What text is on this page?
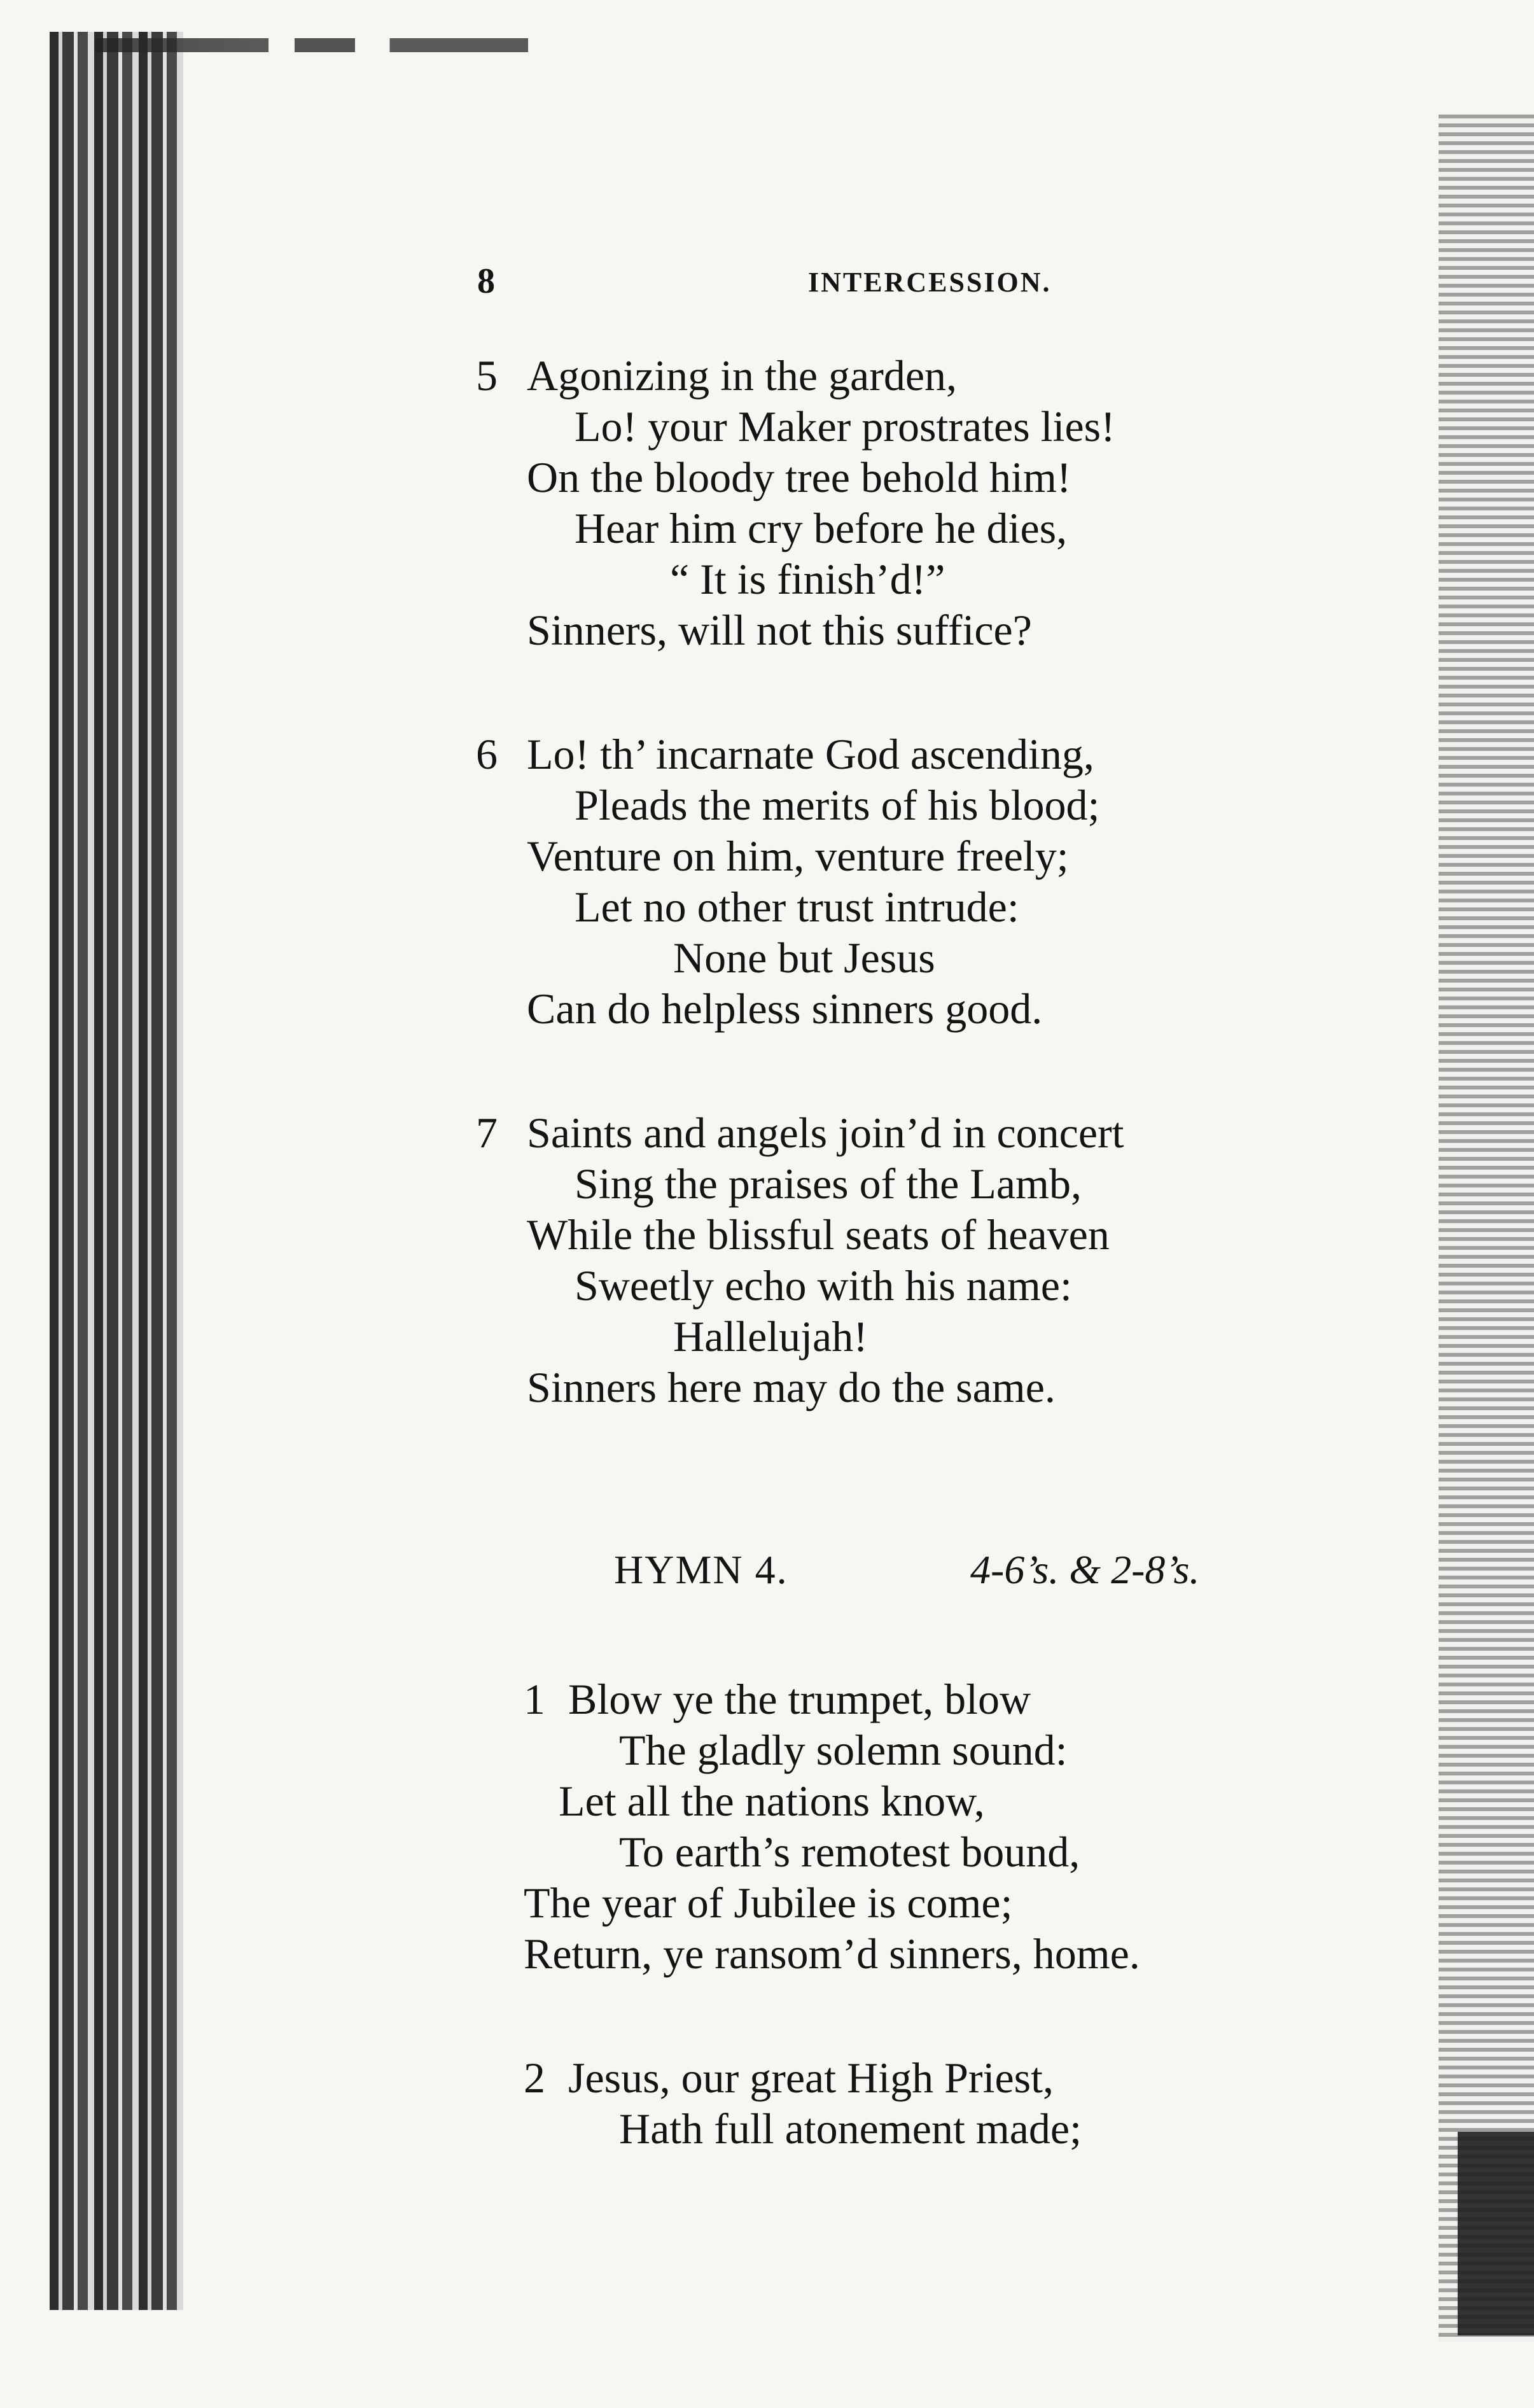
8	INTERCESSION.
5 Agonizing in the garden,
Lo! your Maker prostrates lies!
On the bloody tree behold him!
Hear him cry before he dies,
“ It is finish’d!”
Sinners, will not this suffice?
6 Lo! th’ incarnate God ascending,
Pleads the merits of his blood;
Venture on him, venture freely;
Let no other trust intrude:
None but Jesus
Can do helpless sinners good.
7 Saints and angels join’d in concert
Sing the praises of the Lamb,
While the blissful seats of heaven
Sweetly echo with his name:
Hallelujah!
Sinners here may do the same.
HYMN 4.	4-6’s. & 2-8’s.
1 Blow ye the trumpet, blow
The gladly solemn sound:
Let all the nations know,
To earth’s remotest bound,
The year of Jubilee is come;
Return, ye ransom’d sinners, home.
2 Jesus, our great High Priest,
Hath full atonement made;
